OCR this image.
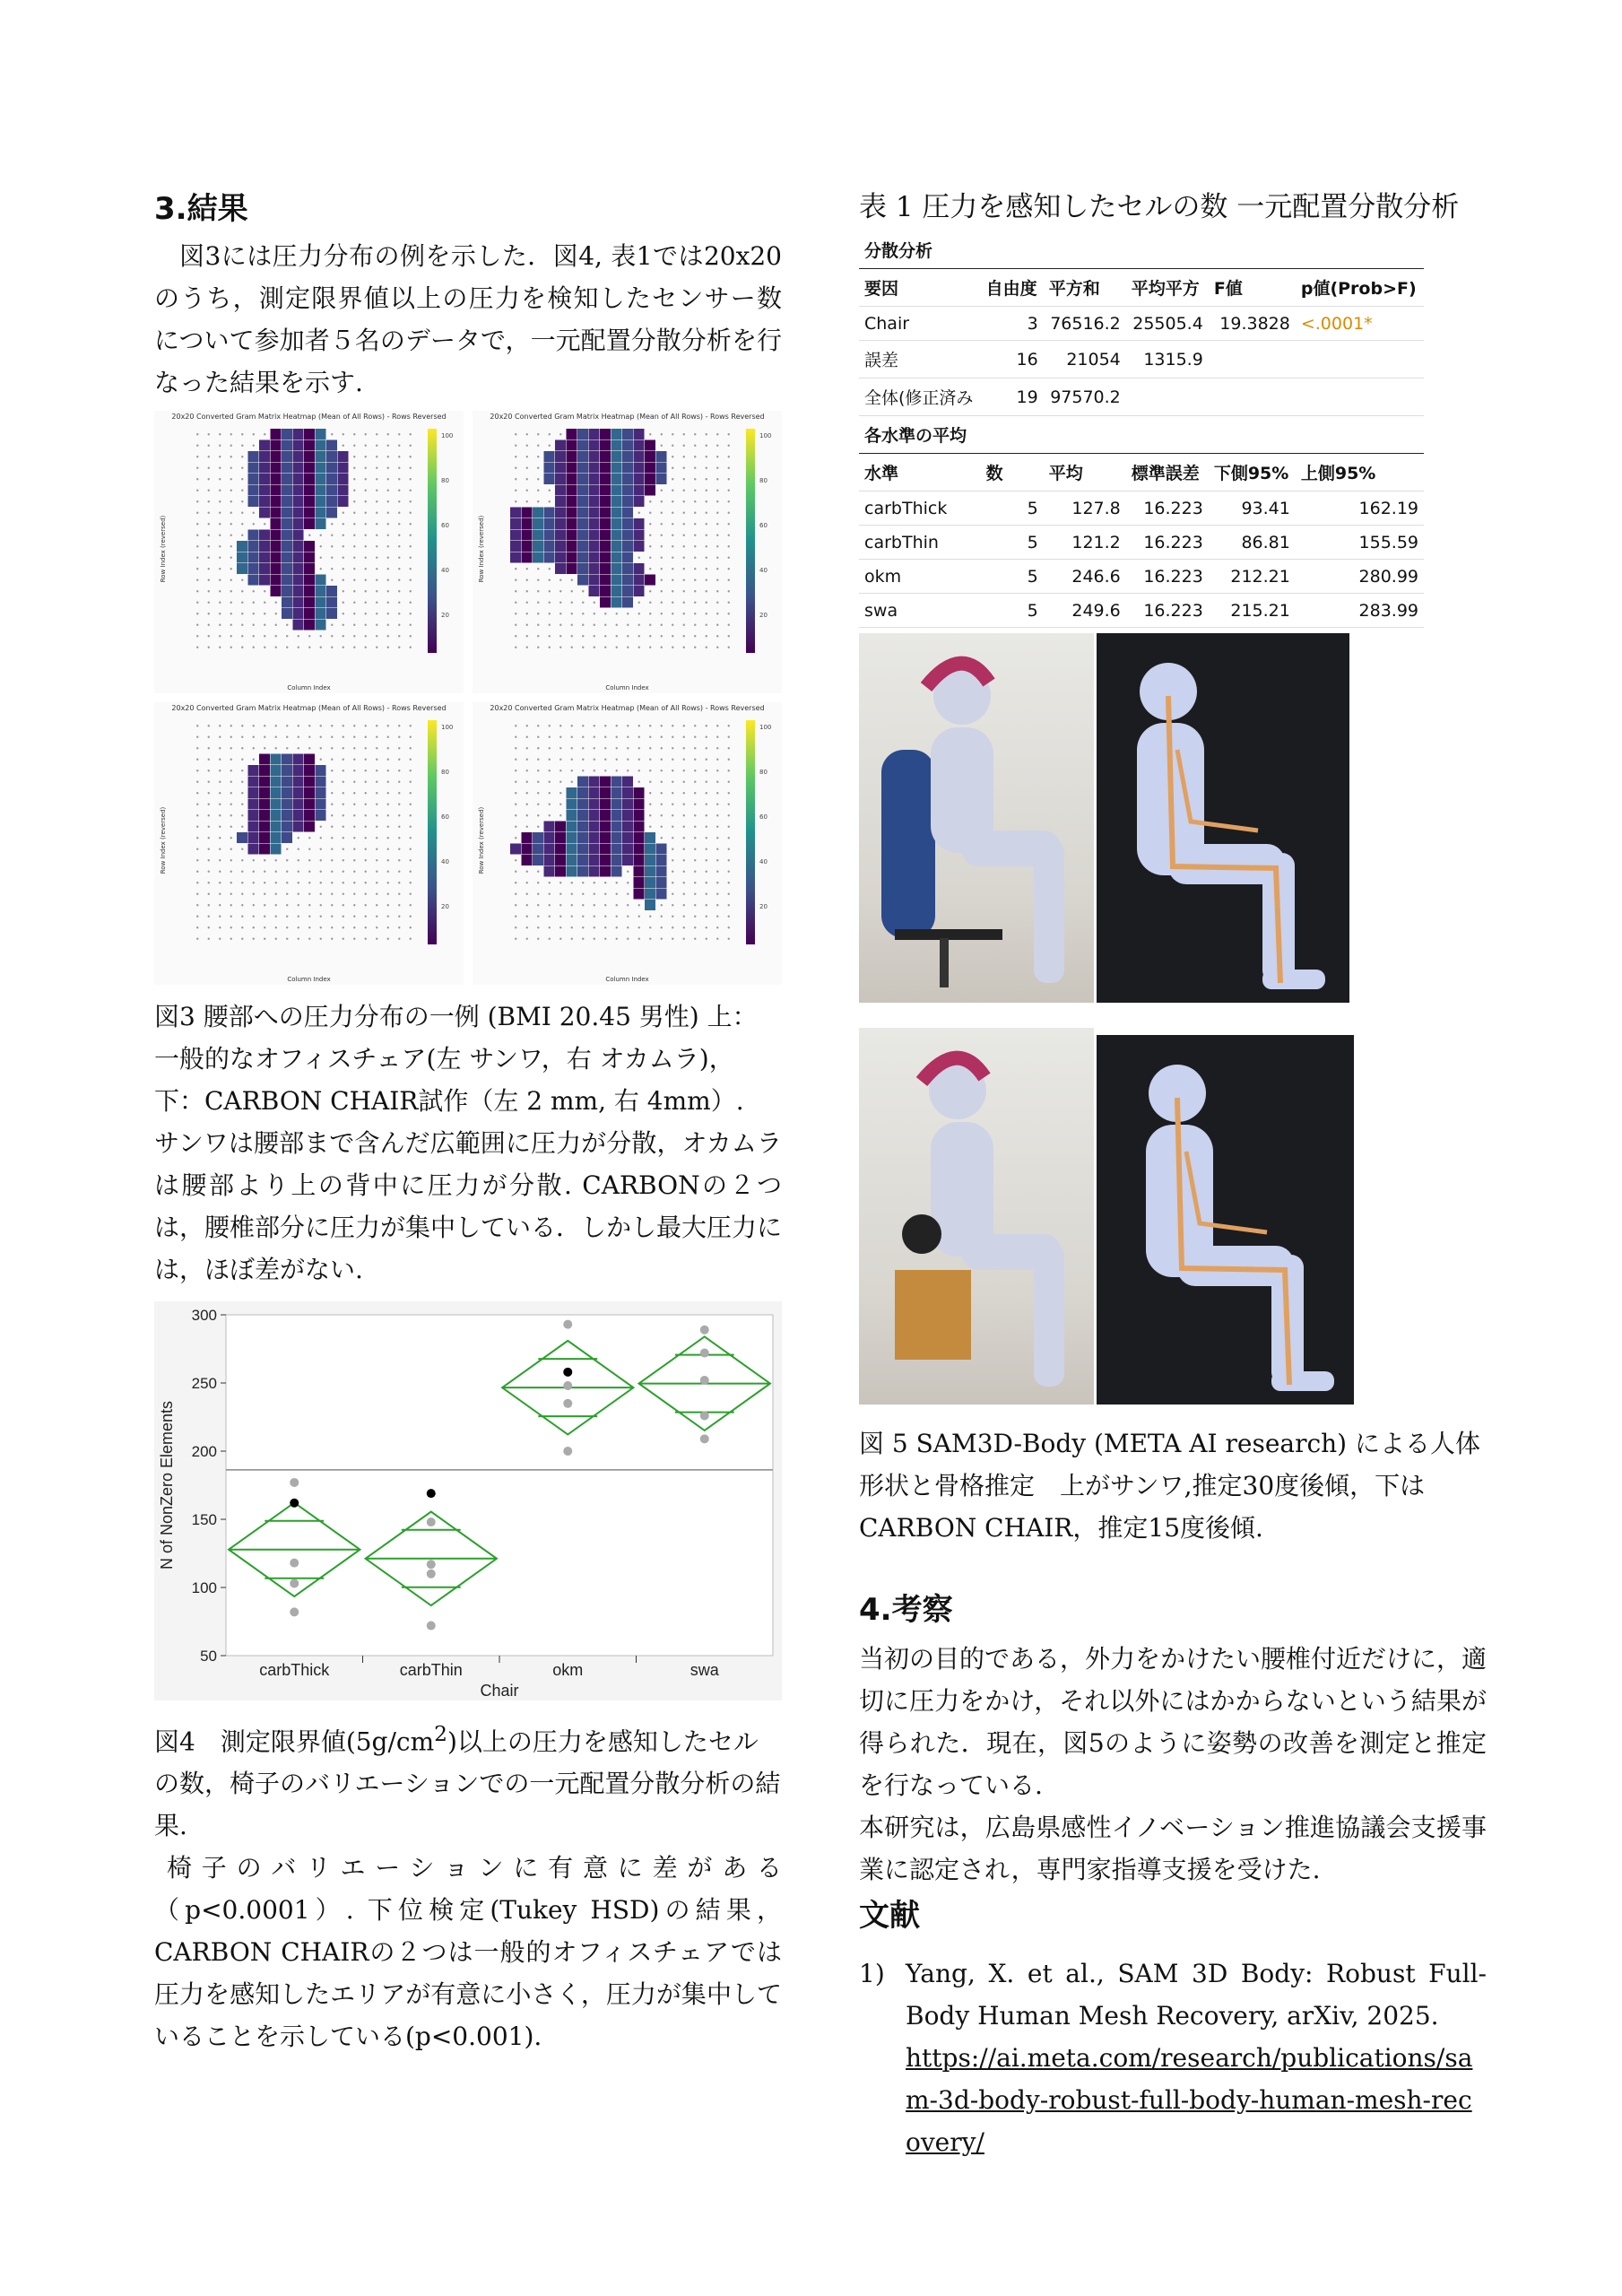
3.結果

図3には圧力分布の例を示した．図4, 表1では20x20のうち，測定限界値以上の圧力を検知したセンサー数について参加者５名のデータで，一元配置分散分析を行なった結果を示す.

20x20 Converted Gram Matrix Heatmap (Mean of All Rows) - Rows Reversed
100
80
60
40
20
Column Index
Row Index (reversed)
20x20 Converted Gram Matrix Heatmap (Mean of All Rows) - Rows Reversed
100
80
60
40
20
Column Index
Row Index (reversed)
20x20 Converted Gram Matrix Heatmap (Mean of All Rows) - Rows Reversed
100
80
60
40
20
Column Index
Row Index (reversed)
20x20 Converted Gram Matrix Heatmap (Mean of All Rows) - Rows Reversed
100
80
60
40
20
Column Index
Row Index (reversed)

図3 腰部への圧力分布の一例 (BMI 20.45 男性) 上：一般的なオフィスチェア(左 サンワ，右 オカムラ)，下：CARBON CHAIR試作（左 2 mm, 右 4mm）.

サンワは腰部まで含んだ広範囲に圧力が分散，オカムラは腰部より上の背中に圧力が分散. CARBONの２つは，腰椎部分に圧力が集中している．しかし最大圧力には，ほぼ差がない.

50
100
150
200
250
300
carbThick	carbThin	okm	swa
Chair
N of NonZero Elements

図4　測定限界値$(5g/cm^2)$以上の圧力を感知したセルの数，椅子のバリエーションでの一元配置分散分析の結果.

椅子のバリエーションに有意に差がある（p<0.0001）. 下位検定(Tukey HSD)の結果，CARBON CHAIRの２つは一般的オフィスチェアでは圧力を感知したエリアが有意に小さく，圧力が集中していることを示している(p<0.001).

表 1 圧力を感知したセルの数 一元配置分散分析
分散分析					
要因	自由度	平方和	平均平方	F値	p値(Prob>F)
Chair	3	76516.2	25505.4	19.3828	<.0001*
誤差	16	21054	1315.9		
全体(修正済み	19	97570.2			
各水準の平均					
水準	数	平均	標準誤差	下側95%	上側95%
carbThick	5	127.8	16.223	93.41	162.19
carbThin	5	121.2	16.223	86.81	155.59
okm	5	246.6	16.223	212.21	280.99
swa	5	249.6	16.223	215.21	283.99

図 5 SAM3D-Body (META AI research) による人体形状と骨格推定　上がサンワ,推定30度後傾，下はCARBON CHAIR，推定15度後傾.

4.考察

当初の目的である，外力をかけたい腰椎付近だけに，適切に圧力をかけ，それ以外にはかからないという結果が得られた．現在，図5のように姿勢の改善を測定と推定を行なっている.

本研究は，広島県感性イノベーション推進協議会支援事業に認定され，専門家指導支援を受けた.

文献
1) Yang, X. et al., SAM 3D Body: Robust Full-Body Human Mesh Recovery, arXiv, 2025.
https://ai.meta.com/research/publications/sam-3d-body-robust-full-body-human-mesh-recovery/
